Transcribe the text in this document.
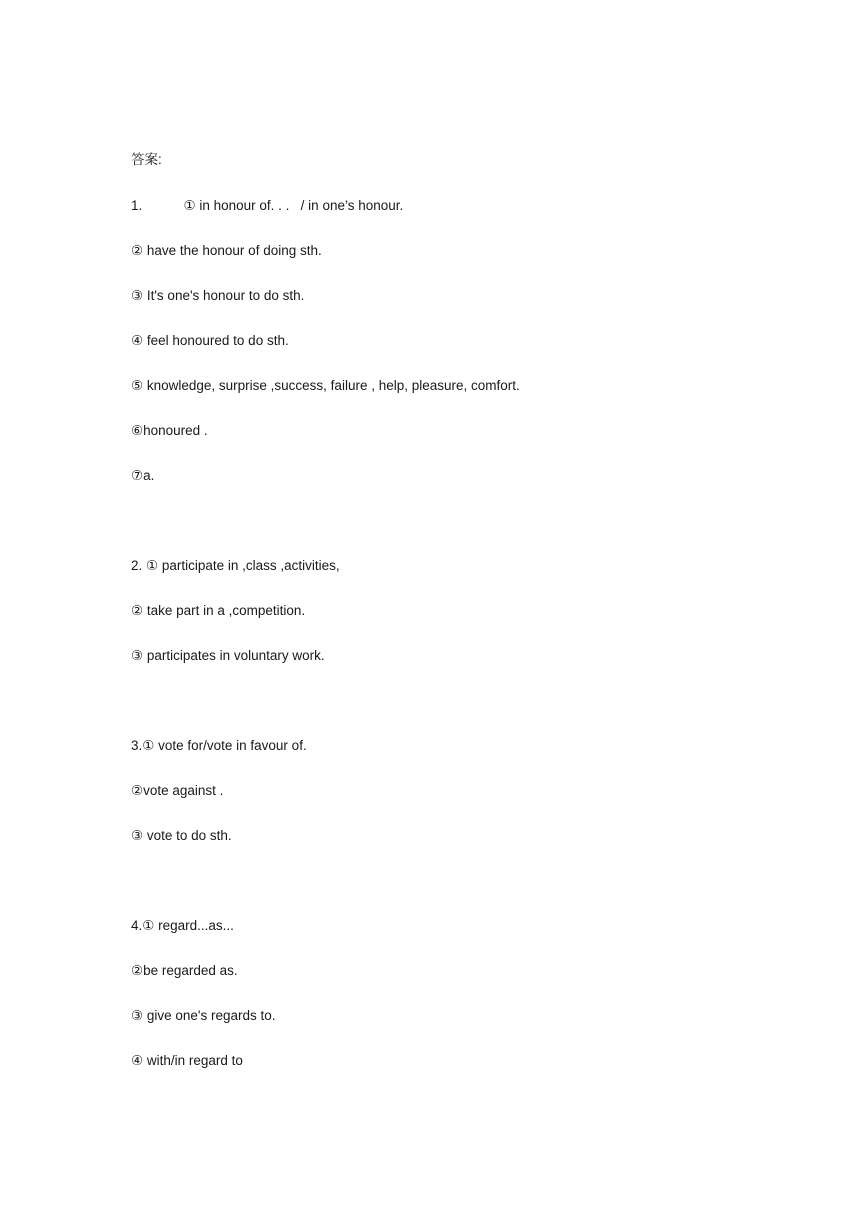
答案:
1.           ① in honour of. . .   / in one’s honour.
② have the honour of doing sth.
③ It's one's honour to do sth.
④ feel honoured to do sth.
⑤ knowledge, surprise ,success, failure , help, pleasure, comfort.
⑥honoured .
⑦a.
2. ① participate in ,class ,activities,
② take part in a ,competition.
③ participates in voluntary work.
3.① vote for/vote in favour of.
②vote against .
③ vote to do sth.
4.① regard...as...
②be regarded as.
③ give one's regards to.
④ with/in regard to
